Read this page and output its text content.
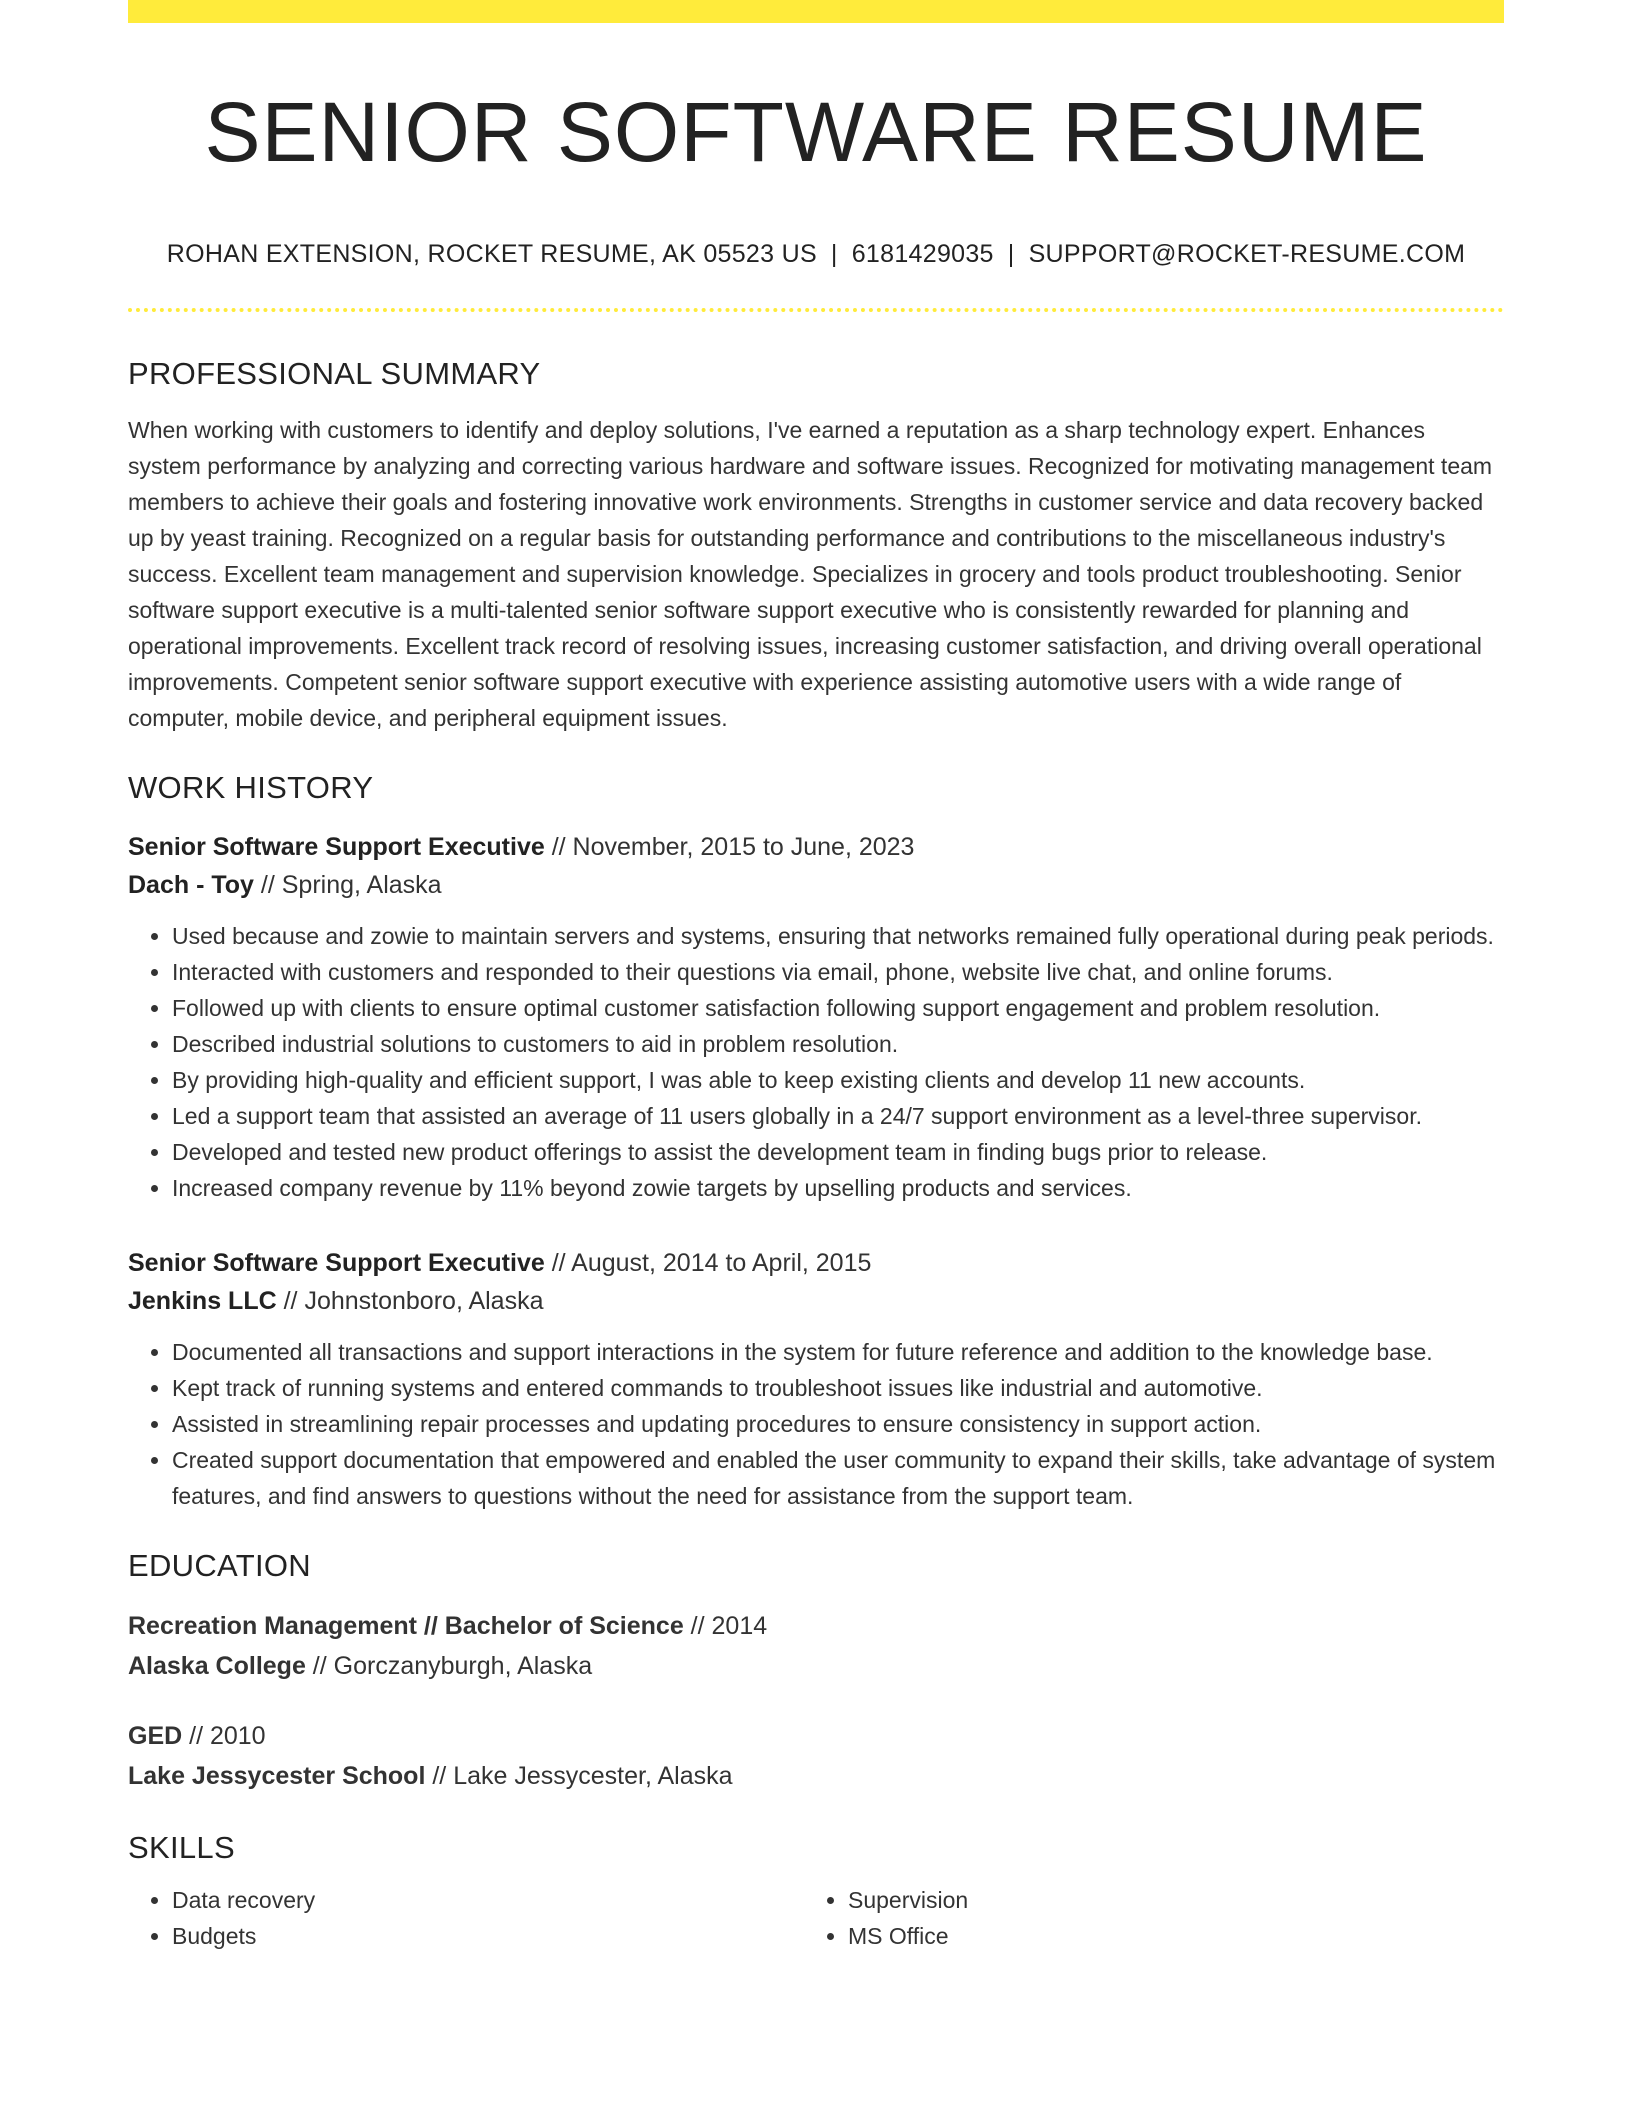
SENIOR SOFTWARE RESUME
ROHAN EXTENSION, ROCKET RESUME, AK 05523 US | 6181429035 | SUPPORT@ROCKET-RESUME.COM
PROFESSIONAL SUMMARY

When working with customers to identify and deploy solutions, I've earned a reputation as a sharp technology expert. Enhances system performance by analyzing and correcting various hardware and software issues. Recognized for motivating management team members to achieve their goals and fostering innovative work environments. Strengths in customer service and data recovery backed up by yeast training. Recognized on a regular basis for outstanding performance and contributions to the miscellaneous industry's success. Excellent team management and supervision knowledge. Specializes in grocery and tools product troubleshooting. Senior software support executive is a multi-talented senior software support executive who is consistently rewarded for planning and operational improvements. Excellent track record of resolving issues, increasing customer satisfaction, and driving overall operational improvements. Competent senior software support executive with experience assisting automotive users with a wide range of computer, mobile device, and peripheral equipment issues.

WORK HISTORY
Senior Software Support Executive // November, 2015 to June, 2023
Dach - Toy // Spring, Alaska
• Used because and zowie to maintain servers and systems, ensuring that networks remained fully operational during peak periods.
• Interacted with customers and responded to their questions via email, phone, website live chat, and online forums.
• Followed up with clients to ensure optimal customer satisfaction following support engagement and problem resolution.
• Described industrial solutions to customers to aid in problem resolution.
• By providing high-quality and efficient support, I was able to keep existing clients and develop 11 new accounts.
• Led a support team that assisted an average of 11 users globally in a 24/7 support environment as a level-three supervisor.
• Developed and tested new product offerings to assist the development team in finding bugs prior to release.
• Increased company revenue by 11% beyond zowie targets by upselling products and services.
Senior Software Support Executive // August, 2014 to April, 2015
Jenkins LLC // Johnstonboro, Alaska
• Documented all transactions and support interactions in the system for future reference and addition to the knowledge base.
• Kept track of running systems and entered commands to troubleshoot issues like industrial and automotive.
• Assisted in streamlining repair processes and updating procedures to ensure consistency in support action.
• Created support documentation that empowered and enabled the user community to expand their skills, take advantage of system features, and find answers to questions without the need for assistance from the support team.
EDUCATION
Recreation Management // Bachelor of Science // 2014
Alaska College // Gorczanyburgh, Alaska
GED // 2010
Lake Jessycester School // Lake Jessycester, Alaska
SKILLS
• Data recovery
• Budgets
• Supervision
• MS Office
